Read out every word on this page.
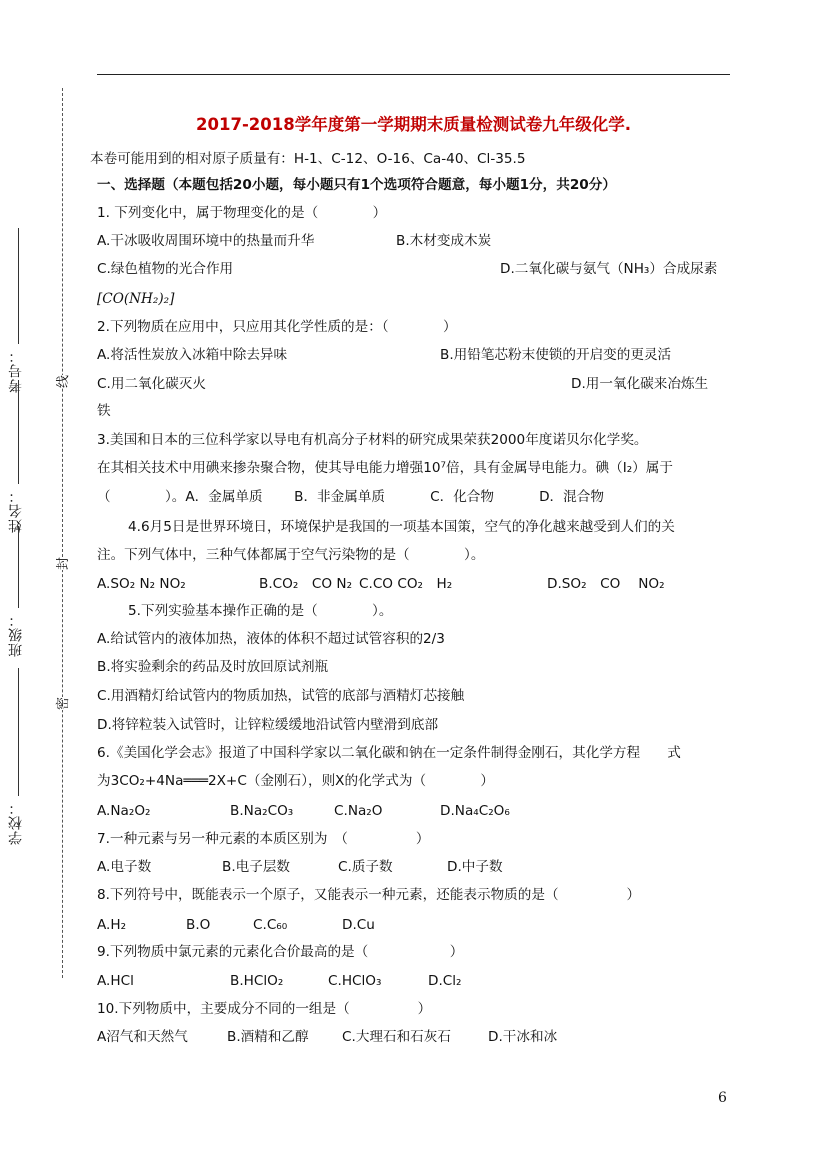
考号：
姓名：
班级：
学校：
线
封
密
2017-2018学年度第一学期期末质量检测试卷九年级化学.
本卷可能用到的相对原子质量有：H-1、C-12、O-16、Ca-40、Cl-35.5
一、选择题（本题包括20小题，每小题只有1个选项符合题意，每小题1分，共20分）
1. 下列变化中，属于物理变化的是（　　　　）
A.干冰吸收周围环境中的热量而升华	B.木材变成木炭
C.绿色植物的光合作用	D.二氧化碳与氨气（NH₃）合成尿素
[CO(NH₂)₂]
2.下列物质在应用中，只应用其化学性质的是：（　　　　）
A.将活性炭放入冰箱中除去异味	B.用铅笔芯粉末使锁的开启变的更灵活
C.用二氧化碳灭火	D.用一氧化碳来冶炼生
铁
3.美国和日本的三位科学家以导电有机高分子材料的研究成果荣获2000年度诺贝尔化学奖。
在其相关技术中用碘来掺杂聚合物，使其导电能力增强10⁷倍，具有金属导电能力。碘（I₂）属于
（　　　　）。A．金属单质　　 B．非金属单质　　　 C．化合物　　　 D．混合物
4.6月5日是世界环境日，环境保护是我国的一项基本国策，空气的净化越来越受到人们的关
注。下列气体中，三种气体都属于空气污染物的是（　　　　）。
A.SO₂ N₂ NO₂	B.CO₂　CO N₂ C.CO CO₂　H₂	D.SO₂　CO　 NO₂
5.下列实验基本操作正确的是（　　　　）。
A.给试管内的液体加热，液体的体积不超过试管容积的2/3
B.将实验剩余的药品及时放回原试剂瓶
C.用酒精灯给试管内的物质加热，试管的底部与酒精灯芯接触
D.将锌粒装入试管时，让锌粒缓缓地沿试管内壁滑到底部
6.《美国化学会志》报道了中国科学家以二氧化碳和钠在一定条件制得金刚石，其化学方程　　式
为3CO₂+4Na═══2X+C（金刚石），则X的化学式为（　　　　）
A.Na₂O₂	B.Na₂CO₃	C.Na₂O	D.Na₄C₂O₆
7.一种元素与另一种元素的本质区别为　（　　　　　）
A.电子数	B.电子层数	C.质子数	D.中子数
8.下列符号中，既能表示一个原子，又能表示一种元素，还能表示物质的是（　　　　　）
A.H₂	B.O	C.C₆₀	D.Cu
9.下列物质中氯元素的元素化合价最高的是（　　　　　　）
A.HCl	B.HClO₂	C.HClO₃	D.Cl₂
10.下列物质中，主要成分不同的一组是（　　　　　）
A沼气和天然气	B.酒精和乙醇 C.大理石和石灰石	D.干冰和冰
6
